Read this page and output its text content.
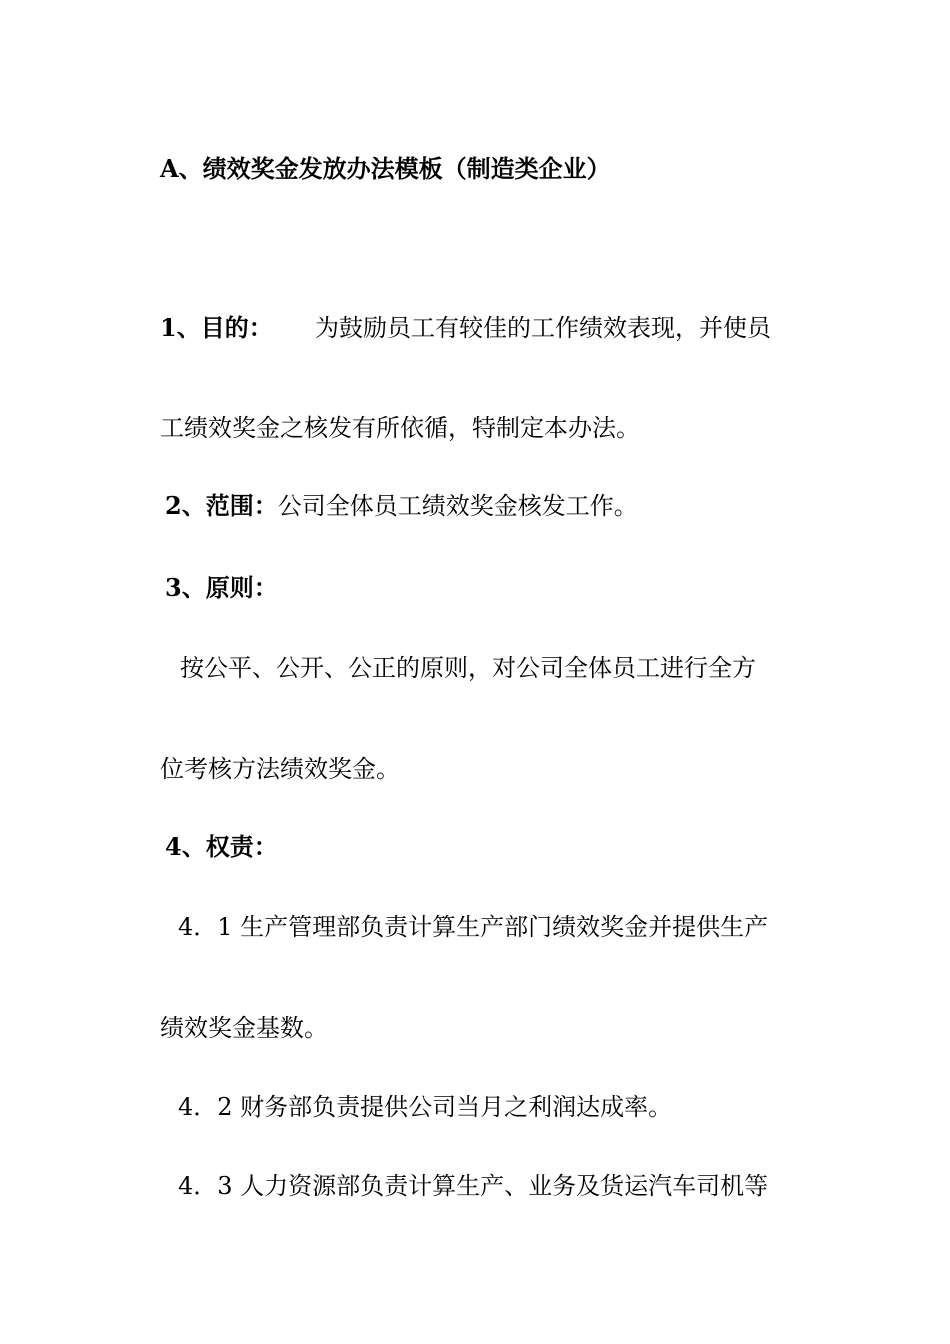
A、绩效奖金发放办法模板（制造类企业）
1、目的： 为鼓励员工有较佳的工作绩效表现，并使员
工绩效奖金之核发有所依循，特制定本办法。
2、范围：公司全体员工绩效奖金核发工作。
3、原则：
按公平、公开、公正的原则，对公司全体员工进行全方
位考核方法绩效奖金。
4、权责：
4．1 生产管理部负责计算生产部门绩效奖金并提供生产
绩效奖金基数。
4．2 财务部负责提供公司当月之利润达成率。
4．3 人力资源部负责计算生产、业务及货运汽车司机等
